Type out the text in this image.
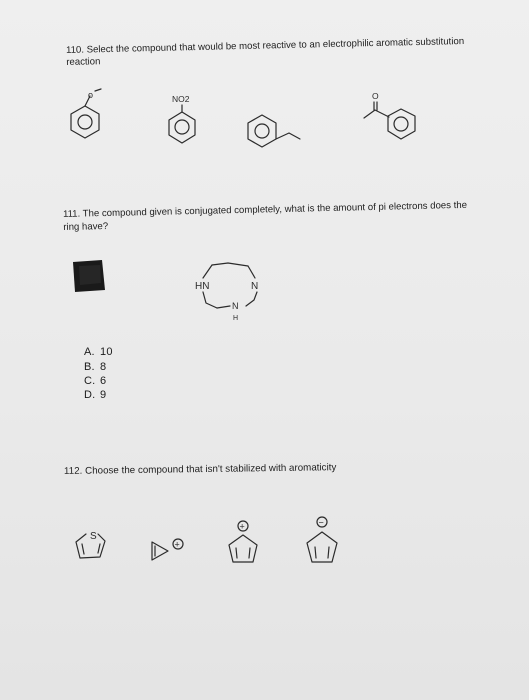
110. Select the compound that would be most reactive to an electrophilic aromatic substitution
reaction
111. The compound given is conjugated completely, what is the amount of pi electrons does the
ring have?
112. Choose the compound that isn't stabilized with aromaticity
o	NO2	O
HN	N
N
H
S
+
+	−
A. 10
B. 8
C. 6
D. 9
